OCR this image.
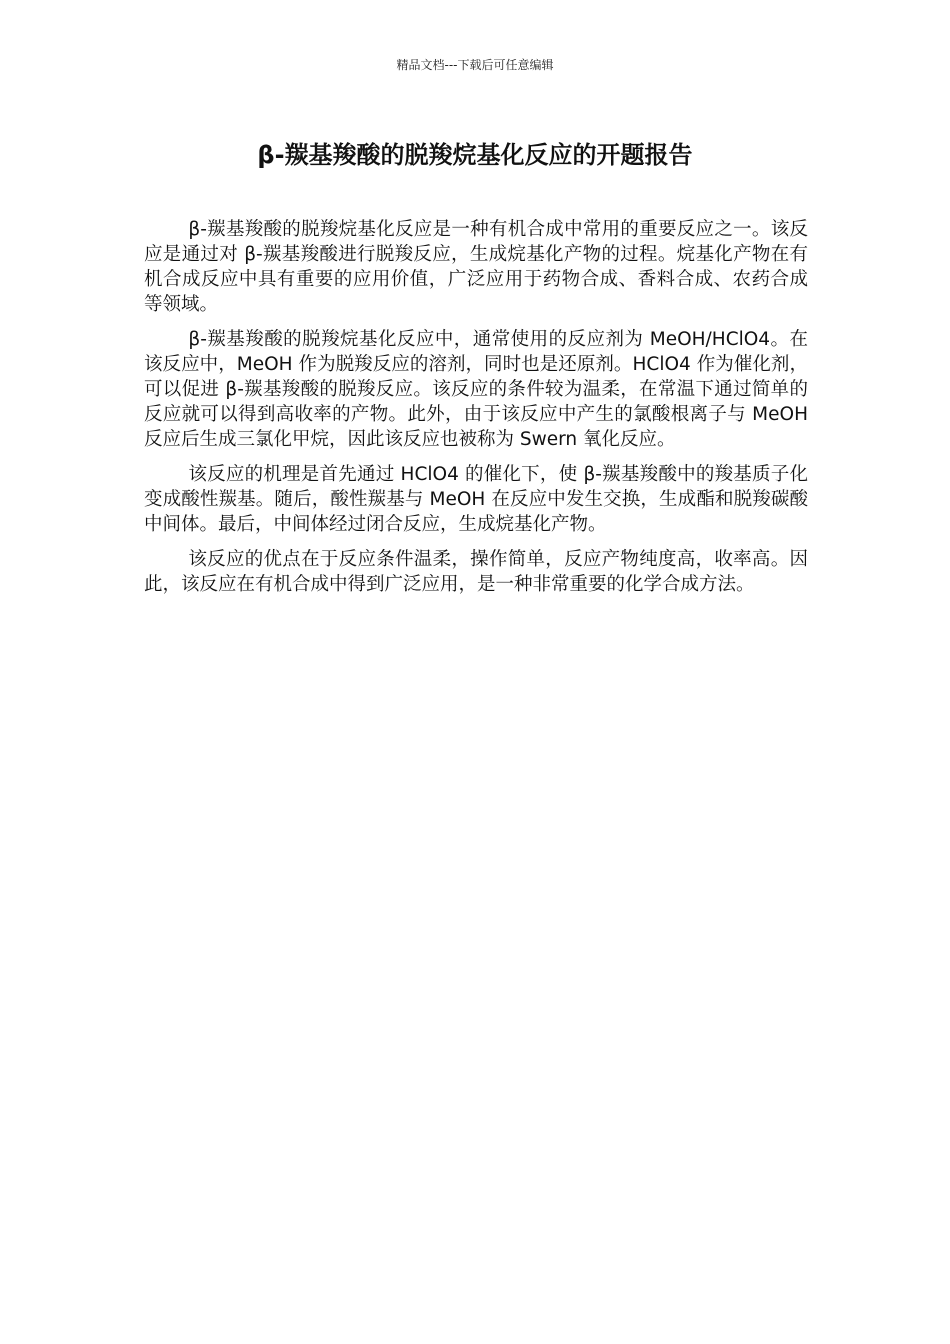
精品文档---下载后可任意编辑
β-羰基羧酸的脱羧烷基化反应的开题报告

β-羰基羧酸的脱羧烷基化反应是一种有机合成中常用的重要反应之一。该反应是通过对 β-羰基羧酸进行脱羧反应，生成烷基化产物的过程。烷基化产物在有机合成反应中具有重要的应用价值，广泛应用于药物合成、香料合成、农药合成等领域。

β-羰基羧酸的脱羧烷基化反应中，通常使用的反应剂为 MeOH/HClO4。在该反应中，MeOH 作为脱羧反应的溶剂，同时也是还原剂。HClO4 作为催化剂，可以促进 β-羰基羧酸的脱羧反应。该反应的条件较为温柔，在常温下通过简单的反应就可以得到高收率的产物。此外，由于该反应中产生的氯酸根离子与 MeOH 反应后生成三氯化甲烷，因此该反应也被称为 Swern 氧化反应。

该反应的机理是首先通过 HClO4 的催化下，使 β-羰基羧酸中的羧基质子化变成酸性羰基。随后，酸性羰基与 MeOH 在反应中发生交换，生成酯和脱羧碳酸中间体。最后，中间体经过闭合反应，生成烷基化产物。

该反应的优点在于反应条件温柔，操作简单，反应产物纯度高，收率高。因此，该反应在有机合成中得到广泛应用，是一种非常重要的化学合成方法。
